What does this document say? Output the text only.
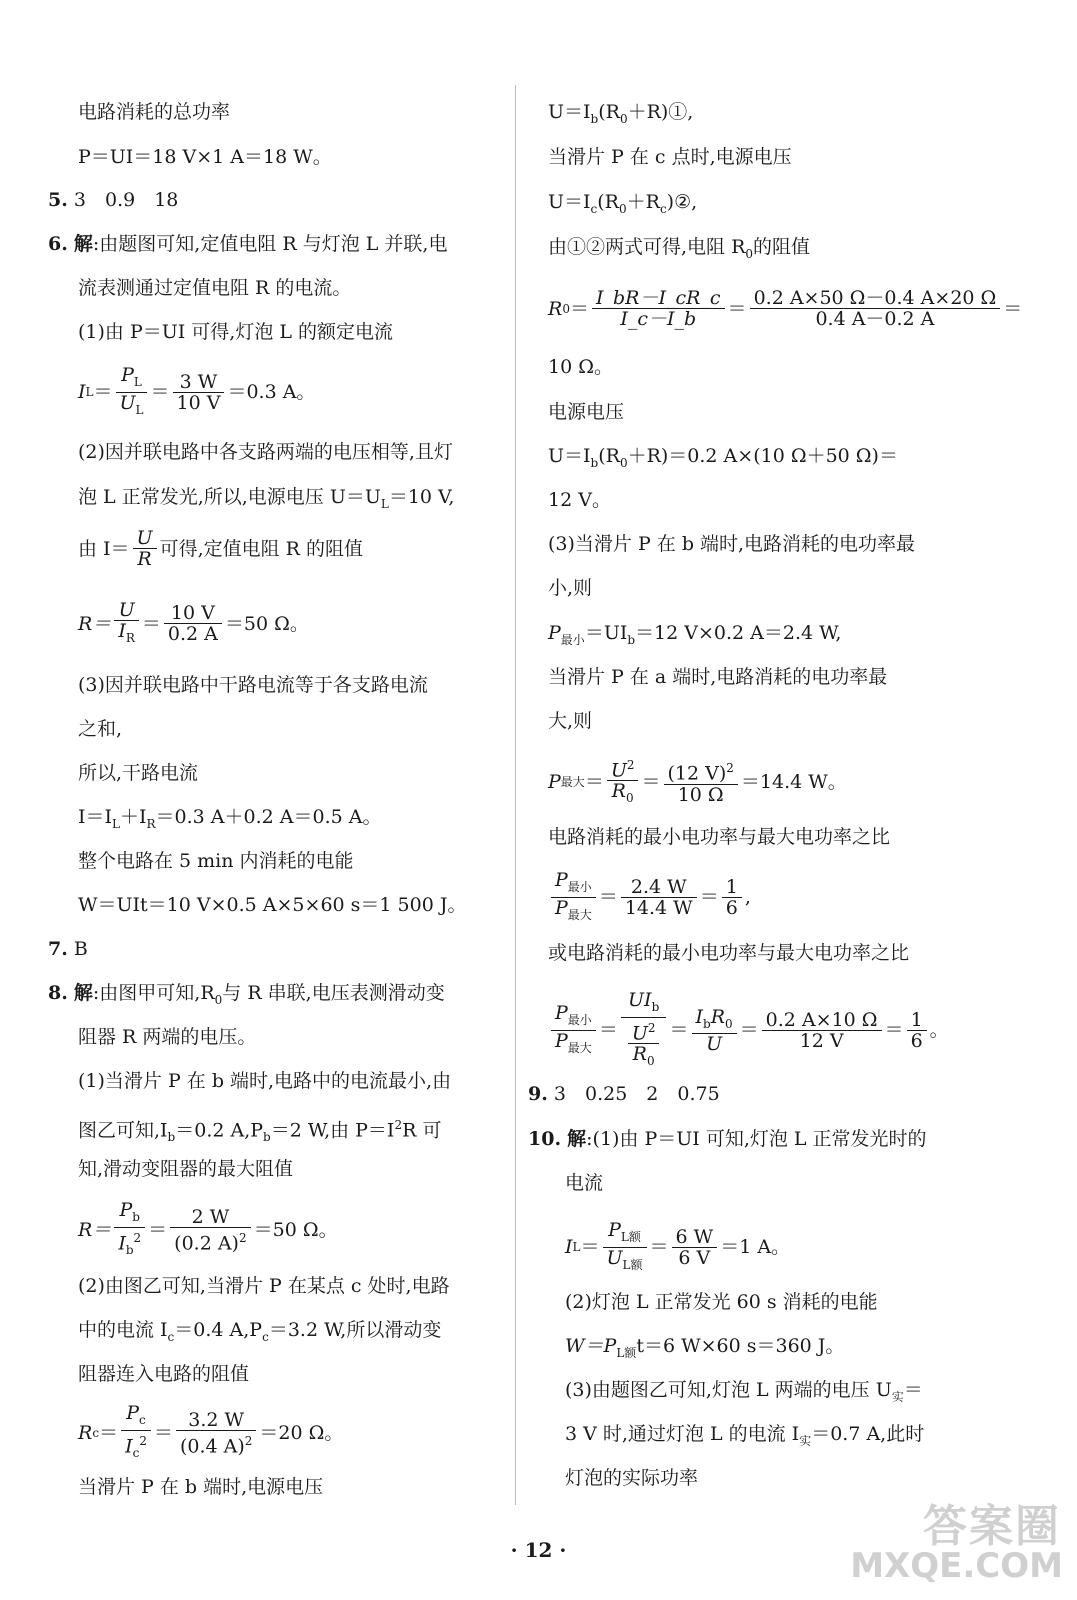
电路消耗的总功率
P＝UI＝18 V×1 A＝18 W。
5. 3　0.9　18
6. 解:由题图可知,定值电阻 R 与灯泡 L 并联,电
流表测通过定值电阻 R 的电流。
(1)由 P＝UI 可得,灯泡 L 的额定电流
I $L = \frac{P_L}{U_L} = \frac{3 W}{10 V} =0.3$ A。
(2)因并联电路中各支路两端的电压相等,且灯
泡 L 正常发光,所以,电源电压 $U=U_L=10$ V,
由 $I= \frac{U}{R}$ 可得,定值电阻 R 的阻值
$R= \frac{U}{I_R} = \frac{10 V}{0.2 A} =50$ Ω。
(3)因并联电路中干路电流等于各支路电流
之和,
所以,干路电流
$I=I_L+I_R=0.3$ A＋0.2 A＝0.5 A。
整个电路在 5 min 内消耗的电能
W＝UIt＝10 V×0.5 A×5×60 s＝1 500 J。
7. B
8. 解:由图甲可知$,R_0$与 R 串联,电压表测滑动变
阻器 R 两端的电压。
(1)当滑片 P 在 b 端时,电路中的电流最小,由
图乙可知$,I_b=0.2$ $A,P_b=2$ W,由 $P=I^2R$ 可
知,滑动变阻器的最大阻值
$R= \frac{P_b}{I_b^2} = \frac{2 W}{(0.2 A)^2} =50$ Ω。
(2)由图乙可知,当滑片 P 在某点 c 处时,电路
中的电流 $I_c=0.4$ $A,P_c=3.2$ W,所以滑动变
阻器连入电路的阻值
R $c = \frac{P_c}{I_c^2} = \frac{3.2 W}{(0.4 A)^2} =20$ Ω。
当滑片 P 在 b 端时,电源电压
$U=I_b(R_0+R)①$,
当滑片 P 在 c 点时,电源电压
$U=I_c(R_0+R_c)②$,
由①②两式可得,电阻 $R_0$的阻值
R $0 = \frac{I\_bR-I\_cR\_c}{I\_c-I\_b} = \frac{0.2 A\times 50 \Omega-0.4 A\times 20 \Omega}{0.4 A-0.2 A}$ ＝
10 Ω。
电源电压
$U=I_b(R_0+R)=0.2$ A×(10 Ω＋50 Ω)＝
12 V。
(3)当滑片 P 在 b 端时,电路消耗的电功率最
小,则
$P_{最小}=UI_b=12$ V×0.2 A＝2.4 W,
当滑片 P 在 a 端时,电路消耗的电功率最
大,则
P 最大 ＝ $\frac{U^2}{R_0} = \frac{(12 V)^2}{10 \Omega} =14.4$ W。
电路消耗的最小电功率与最大电功率之比
$\frac{P_{最小}}{P_{最大}} = \frac{2.4 W}{14.4 W} = \frac{1}{6}$ ,
或电路消耗的最小电功率与最大电功率之比
$\frac{P_{最小}}{P_{最大}} = \frac{UI_b}{\frac{U^2}{R_0}} = \frac{I_bR_0}{U} = \frac{0.2 A\times 10 \Omega}{12 V} = \frac{1}{6}$ 。
9. 3　0.25　2　0.75
10. 解:(1)由 P＝UI 可知,灯泡 L 正常发光时的
电流
I $L = \frac{P_{L额}}{U_{L额}} = \frac{6 W}{6 V} =1$ A。
(2)灯泡 L 正常发光 60 s 消耗的电能
$W=P_{L额}t=6$ W×60 s＝360 J。
(3)由题图乙可知,灯泡 L 两端的电压 $U_实=$
3 V 时,通过灯泡 L 的电流 $I_实=0.7$ A,此时
灯泡的实际功率
· 12 ·	答案圈
MXQE.COM
